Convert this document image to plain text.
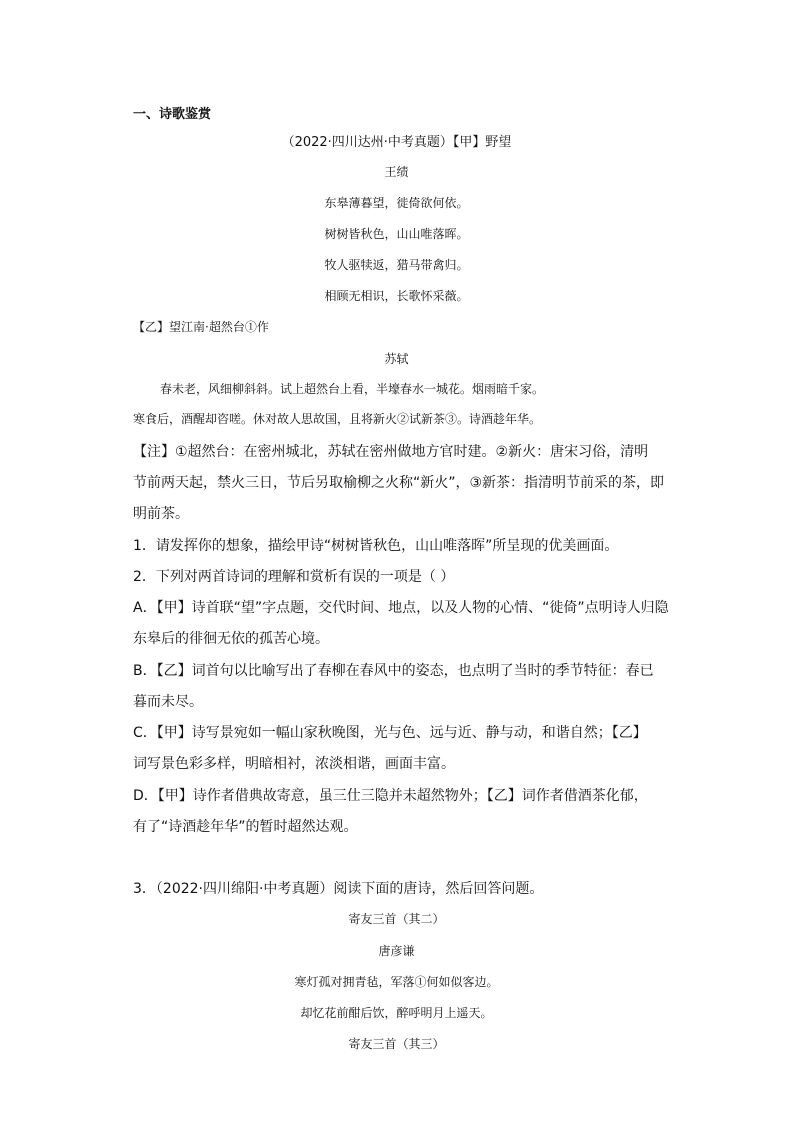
一、诗歌鉴赏
（2022·四川达州·中考真题）【甲】野望
王绩
东皋薄暮望，徙倚欲何依。
树树皆秋色，山山唯落晖。
牧人驱犊返，猎马带禽归。
相顾无相识，长歌怀采薇。
【乙】望江南·超然台①作
苏轼
春未老，风细柳斜斜。试上超然台上看，半壕春水一城花。烟雨暗千家。
寒食后，酒醒却咨嗟。休对故人思故国，且将新火②试新茶③。诗酒趁年华。
【注】①超然台：在密州城北，苏轼在密州做地方官时建。②新火：唐宋习俗，清明
节前两天起，禁火三日，节后另取榆柳之火称“新火”，③新茶：指清明节前采的茶，即
明前茶。
1．请发挥你的想象，描绘甲诗“树树皆秋色，山山唯落晖”所呈现的优美画面。
2．下列对两首诗词的理解和赏析有误的一项是（ ）
A．【甲】诗首联“望”字点题，交代时间、地点，以及人物的心情、“徙倚”点明诗人归隐
东皋后的徘徊无依的孤苦心境。
B．【乙】词首句以比喻写出了春柳在春风中的姿态，也点明了当时的季节特征：春已
暮而未尽。
C．【甲】诗写景宛如一幅山家秋晚图，光与色、远与近、静与动，和谐自然；【乙】
词写景色彩多样，明暗相衬，浓淡相谐，画面丰富。
D．【甲】诗作者借典故寄意，虽三仕三隐并未超然物外；【乙】词作者借酒茶化郁，
有了“诗酒趁年华”的暂时超然达观。
3．（2022·四川绵阳·中考真题）阅读下面的唐诗，然后回答问题。
寄友三首（其二）
唐彦谦
寒灯孤对拥青毡，军落①何如似客边。
却忆花前酣后饮，醉呼明月上遥天。
寄友三首（其三）
